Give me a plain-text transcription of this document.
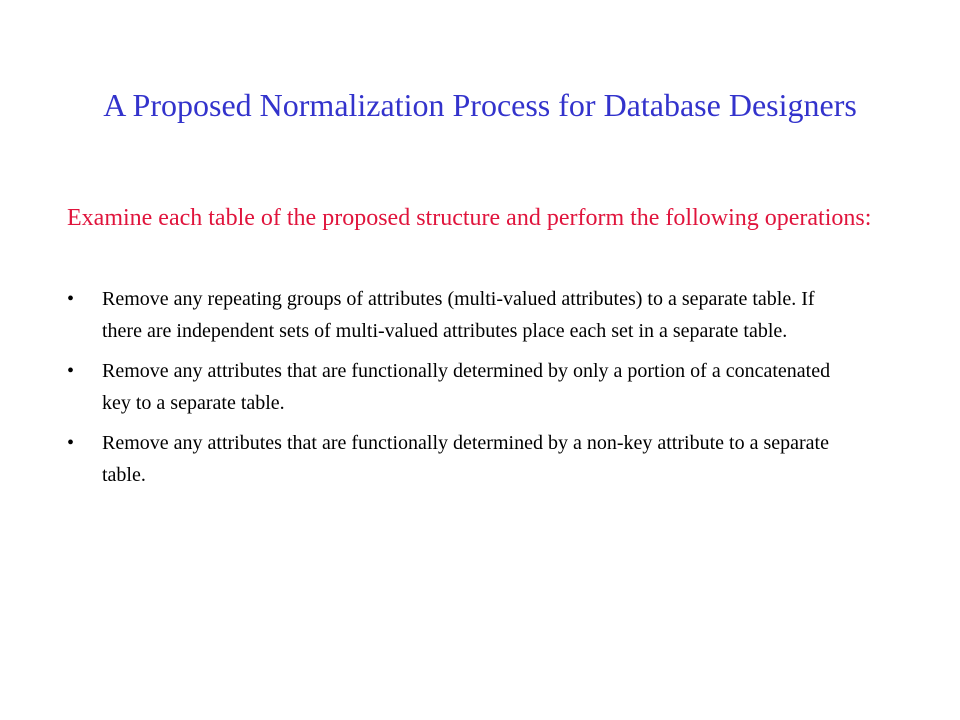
A Proposed Normalization Process for Database Designers

Examine each table of the proposed structure and perform the following operations:

• Remove any repeating groups of attributes (multi-valued attributes) to a separate table. If there are independent sets of multi-valued attributes place each set in a separate table.
• Remove any attributes that are functionally determined by only a portion of a concatenated key to a separate table.
• Remove any attributes that are functionally determined by a non-key attribute to a separate table.
